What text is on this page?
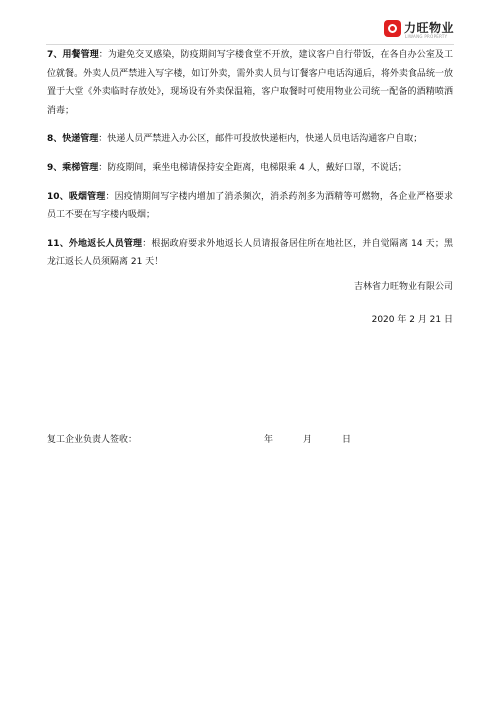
力旺物业
LIWANG PROPERTY

7、用餐管理：为避免交叉感染，防疫期间写字楼食堂不开放，建议客户自行带饭，在各自办公室及工位就餐。外卖人员严禁进入写字楼，如订外卖，需外卖人员与订餐客户电话沟通后，将外卖食品统一放置于大堂《外卖临时存放处》，现场设有外卖保温箱，客户取餐时可使用物业公司统一配备的酒精喷洒消毒；

8、快递管理：快递人员严禁进入办公区，邮件可投放快递柜内，快递人员电话沟通客户自取；

9、乘梯管理：防疫期间，乘坐电梯请保持安全距离，电梯限乘 4 人，戴好口罩，不说话；

10、吸烟管理：因疫情期间写字楼内增加了消杀频次，消杀药剂多为酒精等可燃物，各企业严格要求员工不要在写字楼内吸烟；

11、外地返长人员管理：根据政府要求外地返长人员请报备居住所在地社区，并自觉隔离 14 天；黑龙江返长人员须隔离 21 天！

吉林省力旺物业有限公司

2020 年 2 月 21 日

复工企业负责人签收：	年	月	日
